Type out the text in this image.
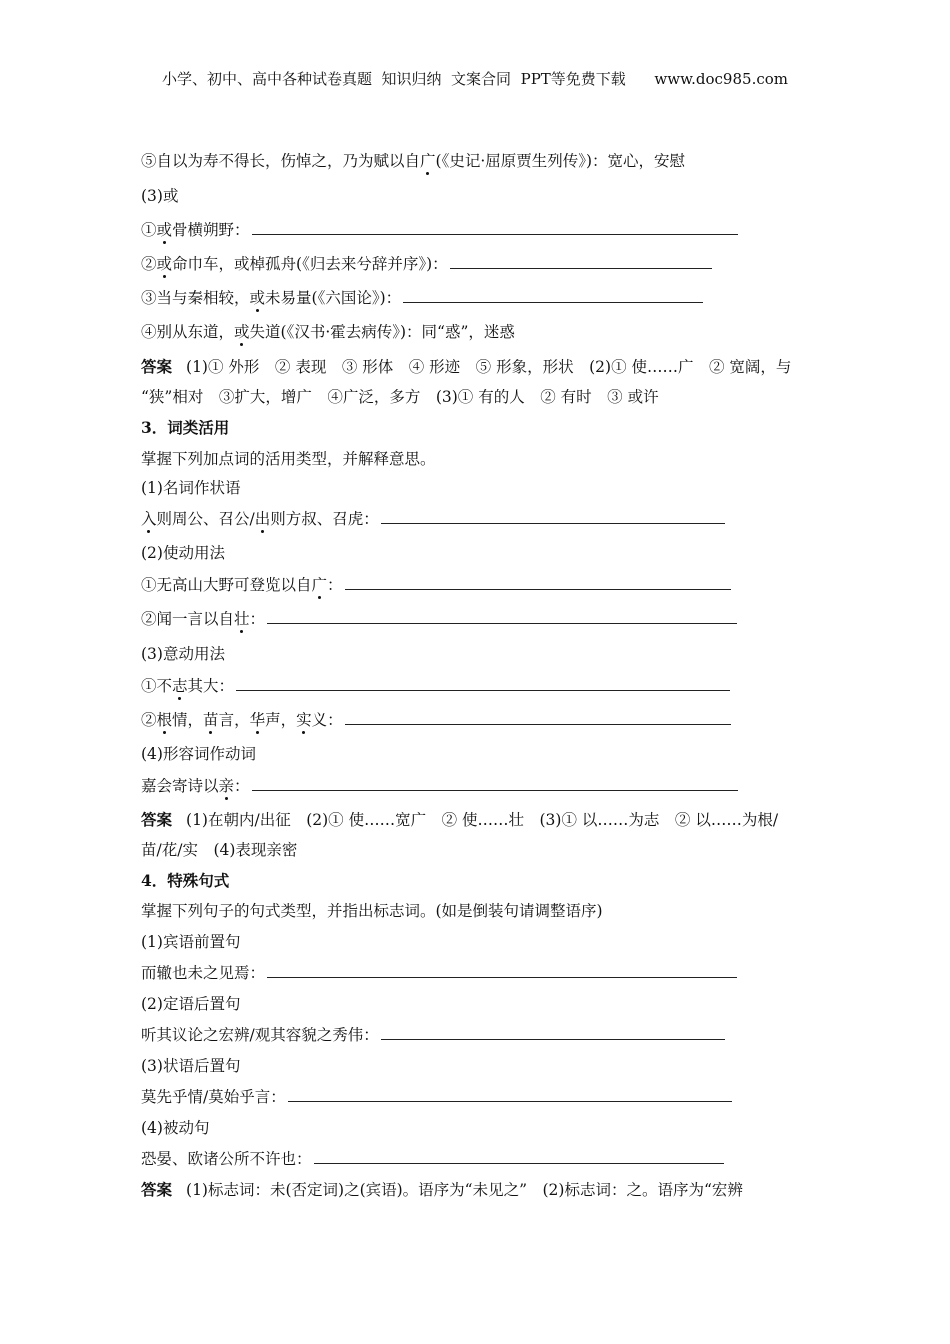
小学、初中、高中各种试卷真题  知识归纳  文案合同  PPT等免费下载      www.doc985.com
⑤自以为寿不得长，伤悼之，乃为赋以自广(《史记·屈原贾生列传》)：宽心，安慰
(3)或
①或骨横朔野：
②或命巾车，或棹孤舟(《归去来兮辞并序》)：
③当与秦相较，或未易量(《六国论》)：
④别从东道，或失道(《汉书·霍去病传》)：同“惑”，迷惑
答案 (1)① 外形　② 表现　③ 形体　④ 形迹　⑤ 形象，形状　(2)① 使……广　② 宽阔，与
“狭”相对　③扩大，增广　④广泛，多方　(3)① 有的人　② 有时　③ 或许
3．词类活用
掌握下列加点词的活用类型，并解释意思。
(1)名词作状语
入则周公、召公/出则方叔、召虎：
(2)使动用法
①无高山大野可登览以自广：
②闻一言以自壮：
(3)意动用法
①不志其大：
②根情，苗言，华声，实义：
(4)形容词作动词
嘉会寄诗以亲：
答案 (1)在朝内/出征　(2)① 使……宽广　② 使……壮　(3)① 以……为志　② 以……为根/
苗/花/实　(4)表现亲密
4．特殊句式
掌握下列句子的句式类型，并指出标志词。(如是倒装句请调整语序)
(1)宾语前置句
而辙也未之见焉：
(2)定语后置句
听其议论之宏辨/观其容貌之秀伟：
(3)状语后置句
莫先乎情/莫始乎言：
(4)被动句
恐晏、欧诸公所不许也：
答案 (1)标志词：未(否定词)之(宾语)。语序为“未见之”　(2)标志词：之。语序为“宏辨
